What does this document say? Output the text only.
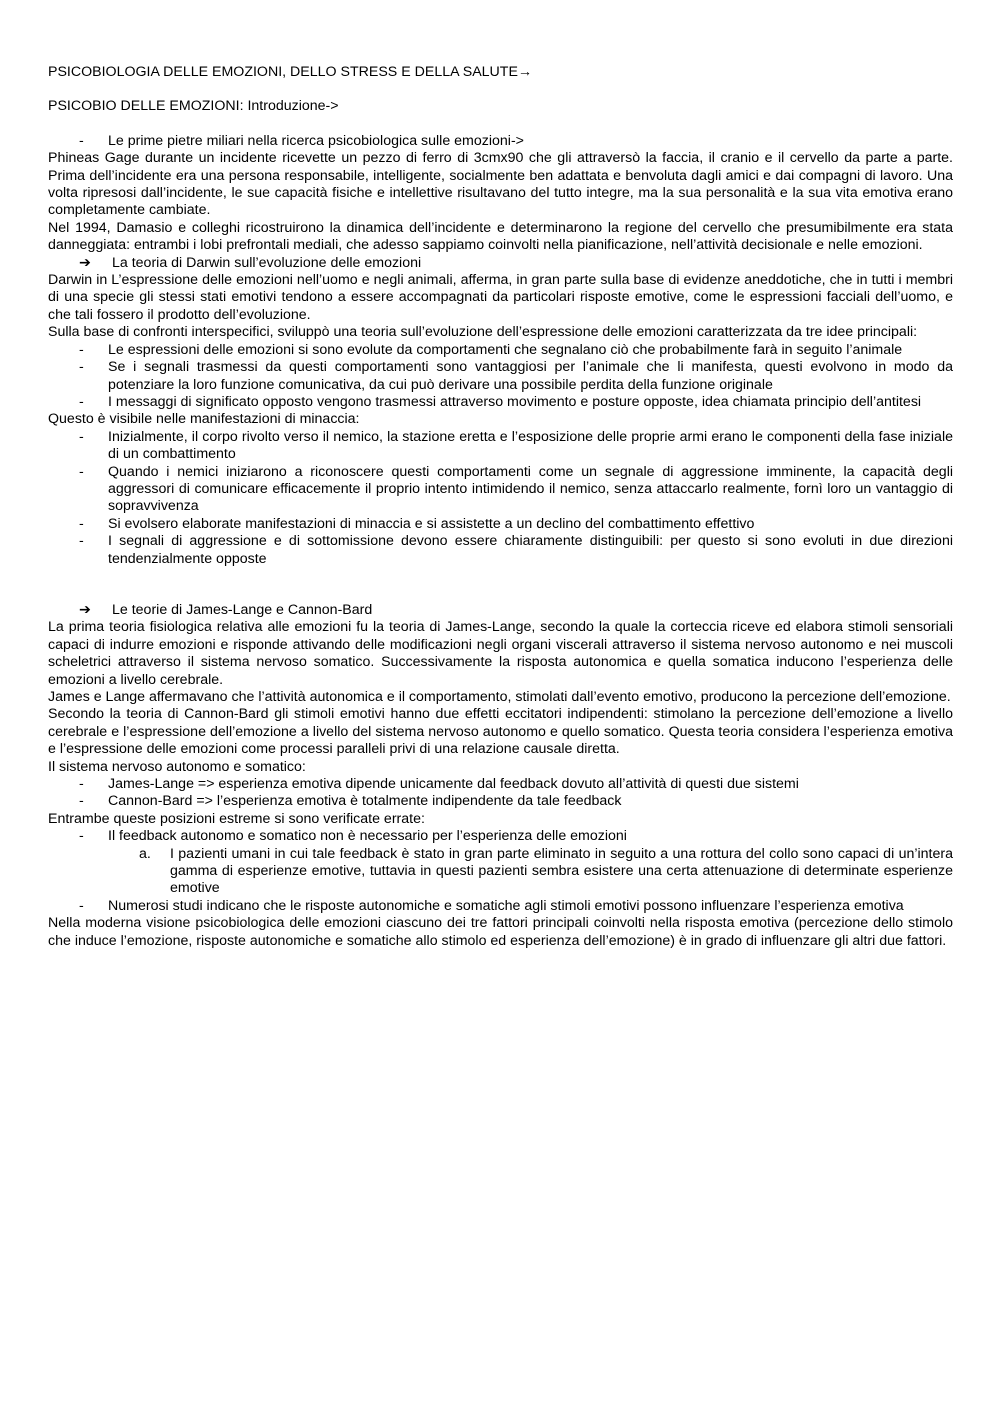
PSICOBIOLOGIA DELLE EMOZIONI, DELLO STRESS E DELLA SALUTE→

PSICOBIO DELLE EMOZIONI: Introduzione->

- Le prime pietre miliari nella ricerca psicobiologica sulle emozioni->

Phineas Gage durante un incidente ricevette un pezzo di ferro di 3cmx90 che gli attraversò la faccia, il cranio e il cervello da parte a parte. Prima dell’incidente era una persona responsabile, intelligente, socialmente ben adattata e benvoluta dagli amici e dai compagni di lavoro. Una volta ripresosi dall’incidente, le sue capacità fisiche e intellettive risultavano del tutto integre, ma la sua personalità e la sua vita emotiva erano completamente cambiate.

Nel 1994, Damasio e colleghi ricostruirono la dinamica dell’incidente e determinarono la regione del cervello che presumibilmente era stata danneggiata: entrambi i lobi prefrontali mediali, che adesso sappiamo coinvolti nella pianificazione, nell’attività decisionale e nelle emozioni.

➔ La teoria di Darwin sull’evoluzione delle emozioni

Darwin in L’espressione delle emozioni nell’uomo e negli animali, afferma, in gran parte sulla base di evidenze aneddotiche, che in tutti i membri di una specie gli stessi stati emotivi tendono a essere accompagnati da particolari risposte emotive, come le espressioni facciali dell’uomo, e che tali fossero il prodotto dell’evoluzione.

Sulla base di confronti interspecifici, sviluppò una teoria sull’evoluzione dell’espressione delle emozioni caratterizzata da tre idee principali:

- Le espressioni delle emozioni si sono evolute da comportamenti che segnalano ciò che probabilmente farà in seguito l’animale
- Se i segnali trasmessi da questi comportamenti sono vantaggiosi per l’animale che li manifesta, questi evolvono in modo da potenziare la loro funzione comunicativa, da cui può derivare una possibile perdita della funzione originale
- I messaggi di significato opposto vengono trasmessi attraverso movimento e posture opposte, idea chiamata principio dell’antitesi

Questo è visibile nelle manifestazioni di minaccia:

- Inizialmente, il corpo rivolto verso il nemico, la stazione eretta e l’esposizione delle proprie armi erano le componenti della fase iniziale di un combattimento
- Quando i nemici iniziarono a riconoscere questi comportamenti come un segnale di aggressione imminente, la capacità degli aggressori di comunicare efficacemente il proprio intento intimidendo il nemico, senza attaccarlo realmente, fornì loro un vantaggio di sopravvivenza
- Si evolsero elaborate manifestazioni di minaccia e si assistette a un declino del combattimento effettivo
- I segnali di aggressione e di sottomissione devono essere chiaramente distinguibili: per questo si sono evoluti in due direzioni tendenzialmente opposte
➔ Le teorie di James-Lange e Cannon-Bard

La prima teoria fisiologica relativa alle emozioni fu la teoria di James-Lange, secondo la quale la corteccia riceve ed elabora stimoli sensoriali capaci di indurre emozioni e risponde attivando delle modificazioni negli organi viscerali attraverso il sistema nervoso autonomo e nei muscoli scheletrici attraverso il sistema nervoso somatico. Successivamente la risposta autonomica e quella somatica inducono l’esperienza delle emozioni a livello cerebrale.

James e Lange affermavano che l’attività autonomica e il comportamento, stimolati dall’evento emotivo, producono la percezione dell’emozione.

Secondo la teoria di Cannon-Bard gli stimoli emotivi hanno due effetti eccitatori indipendenti: stimolano la percezione dell’emozione a livello cerebrale e l’espressione dell’emozione a livello del sistema nervoso autonomo e quello somatico. Questa teoria considera l’esperienza emotiva e l’espressione delle emozioni come processi paralleli privi di una relazione causale diretta.

Il sistema nervoso autonomo e somatico:

- James-Lange => esperienza emotiva dipende unicamente dal feedback dovuto all’attività di questi due sistemi
- Cannon-Bard => l’esperienza emotiva è totalmente indipendente da tale feedback

Entrambe queste posizioni estreme si sono verificate errate:

- Il feedback autonomo e somatico non è necessario per l’esperienza delle emozioni
a. I pazienti umani in cui tale feedback è stato in gran parte eliminato in seguito a una rottura del collo sono capaci di un’intera gamma di esperienze emotive, tuttavia in questi pazienti sembra esistere una certa attenuazione di determinate esperienze emotive
- Numerosi studi indicano che le risposte autonomiche e somatiche agli stimoli emotivi possono influenzare l’esperienza emotiva

Nella moderna visione psicobiologica delle emozioni ciascuno dei tre fattori principali coinvolti nella risposta emotiva (percezione dello stimolo che induce l’emozione, risposte autonomiche e somatiche allo stimolo ed esperienza dell’emozione) è in grado di influenzare gli altri due fattori.
